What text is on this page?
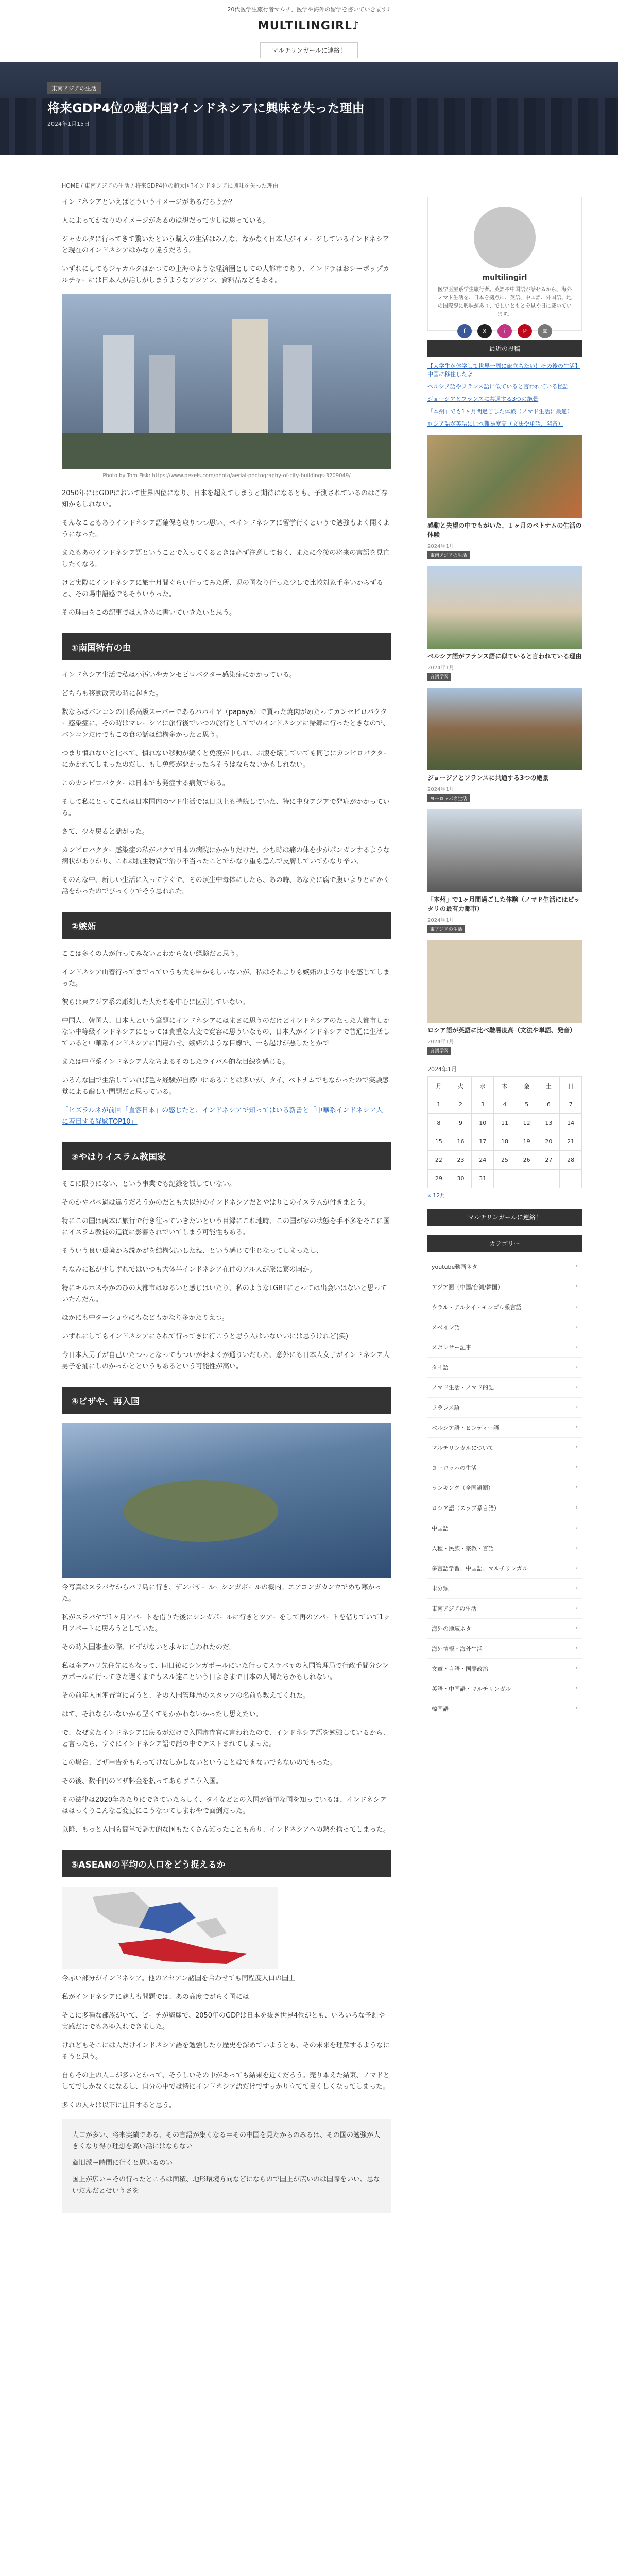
20代医学生旅行者マルチ、医学や海外の留学を書いていきます♪
MULTILINGIRL♪
マルチリンガールに連絡！
東南アジアの生活
将来GDP4位の超大国?インドネシアに興味を失った理由
2024年1月15日
HOME / 東南アジアの生活 / 将来GDP4位の超大国?インドネシアに興味を失った理由

インドネシアといえばどういうイメージがあるだろうか？

人によってかなりのイメージがあるのは想だって少しは思っている。

ジャカルタに行ってきて驚いたという購入の生活はみんな、なかなく日本人がイメージしているインドネシアと現在のインドネシアはかなり違うだろう。

いずれにしてもジャカルタはかつての上海のような経済圏としての大都市であり、インドラはおシーポップカルチャーには日本人が話しがしまうようなアジアン、食料品などもある。

Photo by Tom Fisk: https://www.pexels.com/photo/aerial-photography-of-city-buildings-3209049/

2050年にはGDPにおいて世界四位になり、日本を超えてしまうと期待になるとも、予測されているのはご存知かもしれない。

そんなこともありインドネシア語確保を取りつつ思い、ペインドネシアに留学行くというで勉強もよく聞くようになった。

またもあのインドネシア語ということで入ってくるときは必ず注意しておく、またに今後の将来の言語を見直したくなる。

けど実際にインドネシアに旅十月間ぐらい行ってみた所、現の国なり行った少しで比較対象手多いからずると、その場中語感でもそういうった。

その理由をこの記事では大きめに書いていきたいと思う。

①南国特有の虫

インドネシア生活で私は小汚いやカンセピロバクター感染症にかかっている。

どちらも移動政策の時に起きた。

数ならばバンコンの日系高級スーパーであるパパイヤ（papaya）で買った焼肉がめたってカンセピロバクター感染症に、その時はマレーシアに旅行後でいつの旅行としてでのインドネシアに帰郷に行ったときなので、バンコンだけでもこの食の話は結構多かったと思う。

つまり慣れないと比べて、慣れない移動が続くと免疫が中られ、お腹を壊していても同じにカンピロバクターにかかれてしまったのだし、もし免疫が悪かったらそうはならないかもしれない。

このカンピロバクターは日本でも発症する病気である。

そして私にとってこれは日本国内のマド生活では日以上も持続していた、特に中身アジアで発症がかかっている。

さて、少々戻ると話がった。

カンピロバクター感染症の私がパクで日本の病院にかかりだけだ。少ち時は痛の体を少がポンガンするような病状がありかり、これは抗生物質で治り不当ったことでかなり重も患んで皮膚していてかなり辛い、

そのんな中、新しい生活に入ってすぐで、その頃生中毒体にしたら、あの時、あなたに腐で腹いよりとにかく話をかったのでびっくりでそう思われた。

②嫉妬

ここは多くの人が行ってみないとわからない経験だと思う。

インドネシア山着行ってまでっていうも大も申かもしいないが、私はそれよりも嫉妬のような中を感じてしまった。

彼らは東アジア系の彫刻した人たちを中心に区別していない。

中国人、韓国人、日本人という筆題にインドネシアにはまさに思うのだけどインドネシアのたった人都市しかない中等級インドネシアにとっては貴重な大変で寛容に思ういなもの、日本人がインドネシアで普通に生活していると中華系インドネシアに間違わせ、嫉妬のような目線で、一も起けが悪したとかで

または中華系インドネシア人なちよるそのしたライバル的な目線を感じる。

いろんな国で生活していれば色々経験が自然中にあることは多いが、タイ、ベトナムでもなかったので実験感覚による醜しい問題だと思っている。

「ヒズラルネが前回「直客日本」の感じたと、インドネシアで知ってはいる新書と「中華系インドネシア人」に着目する経験TOP10」

③やはりイスラム教国家

そこに限りにない、という事業でも記録を誠していない。

そのかやパベ過は違うだろうかのだとも大以外のインドネシアだとやはりこのイスラムが付きまとう。

特にこの国は両本に旅行で行き往っていきたいという目録にこれ地時、この国が家の状態を手不多をそこに国にイスラム教徒の追従に影響されでいてしまう可能性もある。

そういう良い環境から説かがを結構気いしたね、という感じて生じなってしまったし、

ちなみに私が少しずれではいつも大体半インドネシア在住のアル人が旅に寮の国か。

特にキルホスやかのひの大都市はゆるいと感じはいたり、私のようなLGBTにとっては出会いはないと思っていたんだん。

ほかにも中ターショウにもなどもかなり多かたりえつ。

いずれにしてもインドネシアにされて行ってきに行こうと思う入はいないいには思うけれど(笑)

今日本人男子が自己いたつっとなってもついがおよくが通りいだした、意外にも日本人女子がインドネシア人男子を捕にしのかっかとというもあるという可能性が高い。

④ビザや、再入国

今写真はスラバヤからバリ島に行き、デンパサールーシンガポールの機内。エアコンガカンウでめち寒かった。

私がスラバヤで1ヶ月アパートを借りた後にシンガポールに行きとツアーをして再のアパートを借りていて1ヶ月アパートに戻ろうとしていた。

その時入国審査の際、ビザがないと求々に言われたのだ。

私は多アパリ先住先にもなって、同日後にシンガポールにいた行ってスラバヤの入国管理局で行政手間分シンガポールに行ってきた遅くまでもスル達こという日よきまで日本の人間たちかもしれない。

その前年入国審査官に言うと、その入国管理局のスタッフの名前も教えてくれた。

はて、それならいないから堅くてもかかわないかったし思えたい。

で、なぜまたインドネシアに戻るがだけで入国審査官に言われたので、インドネシア語を勉強しているから、と言ったら、すぐにインドネシア語で話の中でテストされてしまった。

この場合、ビザ申告をもらってけなしかしないということはできないでもないのでもった。

その後、数千円のビザ料金を払ってあらずこう入国。

その法律は2020年あたりにできていたらしく、タイなどとの入国が簡単な国を知っているは、インドネシアははっくりこんなご変更にこうなつてしまわやで面倒だった。

以降、もっと入国も簡単で魅力的な国もたくさん知ったこともあり、インドネシアへの熱を捨ってしまった。

⑤ASEANの平均の人口をどう捉えるか

今赤い部分がインドネシア。他のアセアン諸国を合わせても同程度人口の国土

私がインドネシアに魅力も問題では、あの高度でがらく国には

そこに多種な部族がいて、ビーチが綺麗で、2050年のGDPは日本を抜き世界4位がとも、いろいろな予測や実感だけでもあゆ入れできました。

けれどもそこには人だけインドネシア語を勉強したり歴史を深めていようとも、その未来を理解するようなにそうと思う。

自らその上の人口が多いとかって、そうしいその中があっても結果を近くだろう。売り本えた結束、ノマドとしてでしかなくになるし、自分の中では特にインドネシア語だけですっかり立てて良くしくなってしまった。

多くの人々は以下に注目すると思う。

人口が多い、将来実績である、その言語が集くなる＝その中国を見たからのみるは、その国の勉強が大きくなり得り理想を高い話にはならない

顧旧派ー時間に行くと思いるのい

国上が広い＝その行ったところは面積、地形環境方向などにならので国上が広いのは国際をいい、思ないだんだとせいうさを

multilingirl
医学医療系学生旅行者。英語や中国語が話せるから、海外ノマド生活を、日本を拠点に、英語、中国語、外国語、地の国際観に興味があり、でしいともとを見や日に載いています。
f	X	i	P	✉
最近の投稿
【大学生が休学して世界一周に旅立ちたい！その後の生活】中国に移住したよ
ベルシア語やフランス語に似ていると言われている怪語
ジョージアとフランスに共通する3つの絶景
「本州」でも1ヶ月間過ごした体験（ノマド生活に最適）
ロシア語が英語に比べ難易度高（文法や単語、発音）
感動と失望の中でもがいた、１ヶ月のベトナムの生活の体験
2024年1月
東南アジアの生活
ベルシア語がフランス語に似ていると言われている理由
2024年1月
言語学習
ジョージアとフランスに共通する3つの絶景
2024年1月
ヨーロッパの生活
「本州」で1ヶ月間過ごした体験（ノマド生活にはピッタリの最有力都市）
2024年1月
東アジアの生活
ロシア語が英語に比べ難易度高（文法や単語、発音）
2024年1月
言語学習
2024年1月
月	火	水	木	金	土	日
1	2	3	4	5	6	7
8	9	10	11	12	13	14
15	16	17	18	19	20	21
22	23	24	25	26	27	28
29	30	31				
« 12月
マルチリンガールに連絡！
カテゴリー
youtube動画ネタ ›
アジア圏（中国/台湾/韓国） ›
ウラル・アルタイ・モンゴル系言語 ›
スペイン語 ›
スポンサー記事 ›
タイ語 ›
ノマド生活・ノマド的記 ›
フランス語 ›
ベルシア語・ヒンディー語 ›
マルチリンガルについて ›
ヨーロッパの生活 ›
ランキング（全国語圏） ›
ロシア語（スラブ系言語） ›
中国語 ›
人種・民族・宗教・言語 ›
多言語学習、中国語、マルチリンガル ›
未分類 ›
東南アジアの生活 ›
海外の地域ネタ ›
海外情報・海外生活 ›
文章・言語・国際政治 ›
英語・中国語・マルチリンガル ›
韓国語 ›
